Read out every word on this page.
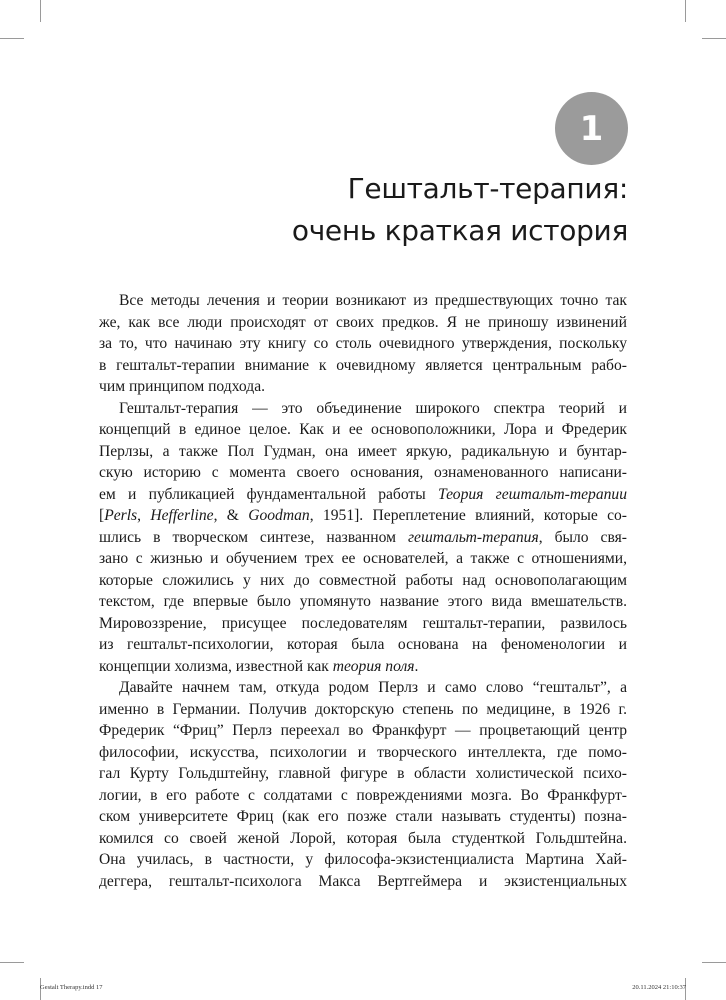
1
Гештальт-терапия:
очень краткая история

Все методы лечения и теории возникают из предшествующих точно так
же, как все люди происходят от своих предков. Я не приношу извинений
за то, что начинаю эту книгу со столь очевидного утверждения, поскольку
в гештальт-терапии внимание к очевидному является центральным рабо-
чим принципом подхода.

Гештальт-терапия — это объединение широкого спектра теорий и
концепций в единое целое. Как и ее основоположники, Лора и Фредерик
Перлзы, а также Пол Гудман, она имеет яркую, радикальную и бунтар-
скую историю с момента своего основания, ознаменованного написани-
ем и публикацией фундаментальной работы Теория гештальт-терапии
[Perls, Hefferline, & Goodman, 1951]. Переплетение влияний, которые со-
шлись в творческом синтезе, названном гештальт-терапия, было свя-
зано с жизнью и обучением трех ее основателей, а также с отношениями,
которые сложились у них до совместной работы над основополагающим
текстом, где впервые было упомянуто название этого вида вмешательств.
Мировоззрение, присущее последователям гештальт-терапии, развилось
из гештальт-психологии, которая была основана на феноменологии и
концепции холизма, известной как теория поля.

Давайте начнем там, откуда родом Перлз и само слово “гештальт”, а
именно в Германии. Получив докторскую степень по медицине, в 1926 г.
Фредерик “Фриц” Перлз переехал во Франкфурт — процветающий центр
философии, искусства, психологии и творческого интеллекта, где помо-
гал Курту Гольдштейну, главной фигуре в области холистической психо-
логии, в его работе с солдатами с повреждениями мозга. Во Франкфурт-
ском университете Фриц (как его позже стали называть студенты) позна-
комился со своей женой Лорой, которая была студенткой Гольдштейна.
Она училась, в частности, у философа-экзистенциалиста Мартина Хай-
деггера, гештальт-психолога Макса Вертгеймера и экзистенциальных

Gestalt Therapy.indd 17	20.11.2024 21:10:37
